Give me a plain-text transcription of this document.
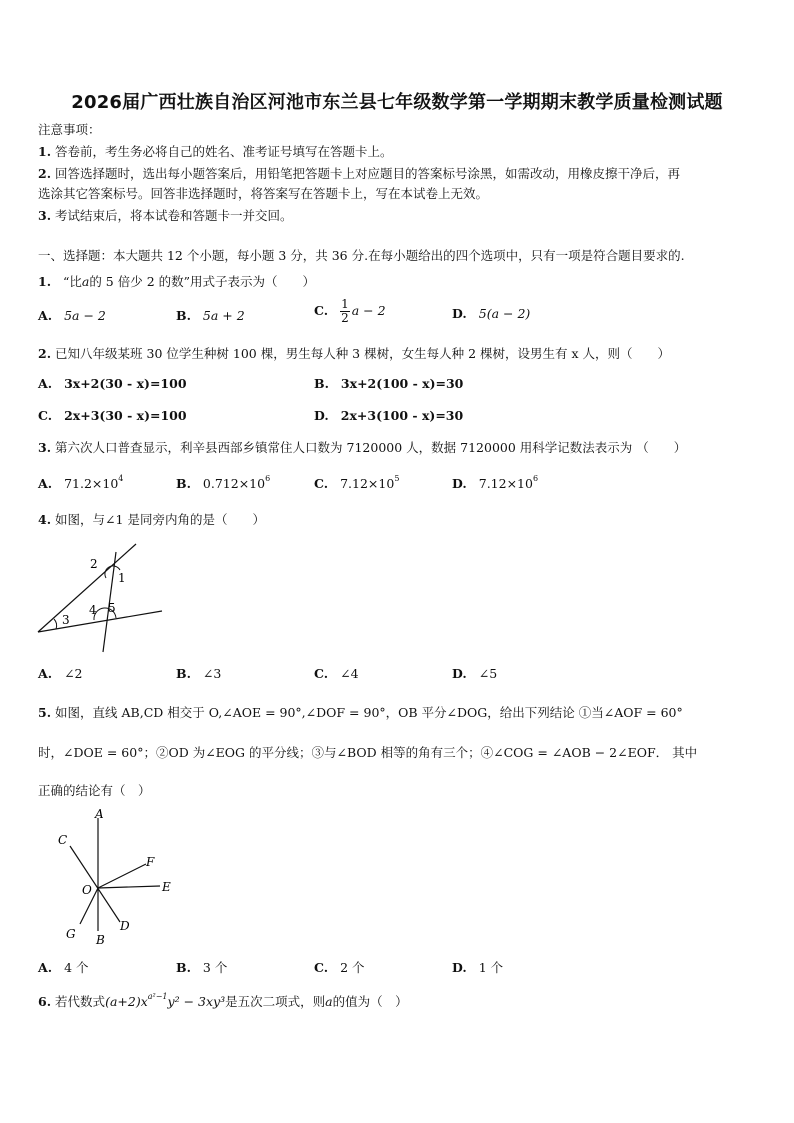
2026届广西壮族自治区河池市东兰县七年级数学第一学期期末教学质量检测试题
注意事项：
1. 答卷前，考生务必将自己的姓名、准考证号填写在答题卡上。
2. 回答选择题时，选出每小题答案后，用铅笔把答题卡上对应题目的答案标号涂黑，如需改动，用橡皮擦干净后，再
选涂其它答案标号。回答非选择题时，将答案写在答题卡上，写在本试卷上无效。
3. 考试结束后，将本试卷和答题卡一并交回。
一、选择题：本大题共 12 个小题，每小题 3 分，共 36 分.在每小题给出的四个选项中，只有一项是符合题目要求的.
1. “比a的 5 倍少 2 的数”用式子表示为（　　）
A. 5a − 2	B. 5a + 2	C. $\frac{1}{2}$ a − 2	D. 5(a − 2)
2. 已知八年级某班 30 位学生种树 100 棵，男生每人种 3 棵树，女生每人种 2 棵树，设男生有 x 人，则（　　）
A. 3x+2(30 - x)=100	B. 3x+2(100 - x)=30
C. 2x+3(30 - x)=100	D. 2x+3(100 - x)=30
3. 第六次人口普查显示，利辛县西部乡镇常住人口数为 7120000 人，数据 7120000 用科学记数法表示为 （　　）
A. $71.2\times 10^4$	B. $0.712\times 10^6$	C. $7.12\times 10^5$	D. $7.12\times 10^6$
4. 如图，与∠1 是同旁内角的是（　　）
2
1
3
4 5
A. ∠2	B. ∠3	C. ∠4	D. ∠5
5. 如图，直线 AB,CD 相交于 O,∠AOE = 90°,∠DOF = 90°，OB 平分∠DOG，给出下列结论 ①当∠AOF = 60°
时，∠DOE = 60°；②OD 为∠EOG 的平分线；③与∠BOD 相等的角有三个；④∠COG = ∠AOB − 2∠EOF． 其中
正确的结论有（　）
A
C
F
O	E
G B
D
A. 4 个	B. 3 个	C. 2 个	D. 1 个
6. 若代数式$(a+2)x^{a^2-1}y^2 - 3xy^3$是五次二项式，则a的值为（　）
